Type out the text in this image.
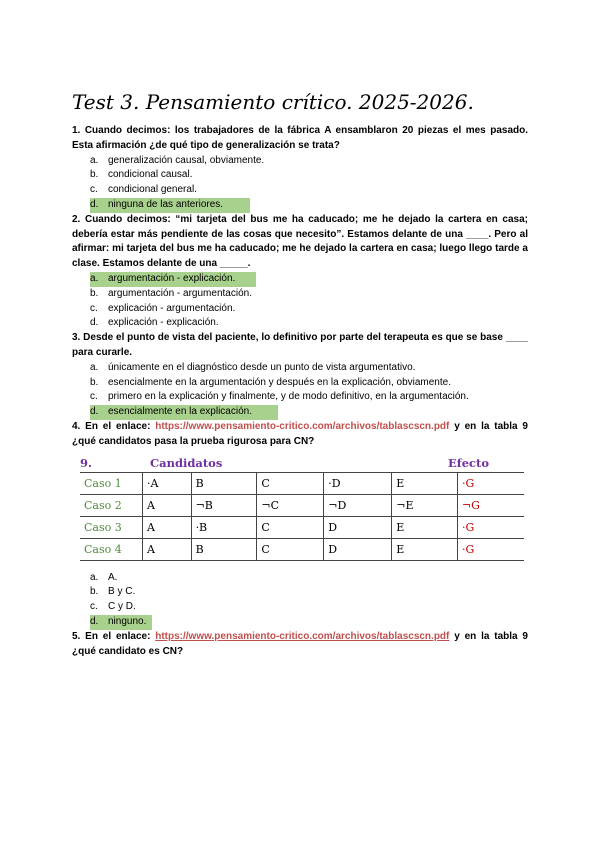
Test 3. Pensamiento crítico. 2025-2026.

1. Cuando decimos: los trabajadores de la fábrica A ensamblaron 20 piezas el mes pasado. Esta afirmación ¿de qué tipo de generalización se trata?

a. generalización causal, obviamente.
b. condicional causal.
c.	condicional general.
d. ninguna de las anteriores.

2. Cuando decimos: “mi tarjeta del bus me ha caducado; me he dejado la cartera en casa; debería estar más pendiente de las cosas que necesito”. Estamos delante de una ____. Pero al afirmar: mi tarjeta del bus me ha caducado; me he dejado la cartera en casa; luego llego tarde a clase. Estamos delante de una _____.

a. argumentación - explicación.
b. argumentación - argumentación.
c.	explicación - argumentación.
d. explicación - explicación.

3. Desde el punto de vista del paciente, lo definitivo por parte del terapeuta es que se base ____ para curarle.

a. únicamente en el diagnóstico desde un punto de vista argumentativo.
b. esencialmente en la argumentación y después en la explicación, obviamente.
c.	primero en la explicación y finalmente, y de modo definitivo, en la argumentación.
d. esencialmente en la explicación.

4. En el enlace: https://www.pensamiento-critico.com/archivos/tablascscn.pdf y en la tabla 9 ¿qué candidatos pasa la prueba rigurosa para CN?

9.	Candidatos	Efecto
Caso 1	·A	B	C	·D	E	·G
Caso 2	A	¬B	¬C	¬D	¬E	¬G
Caso 3	A	·B	C	D	E	·G
Caso 4	A	B	C	D	E	·G
a. A.
b. B y C.
c.	C y D.
d. ninguno.

5. En el enlace: https://www.pensamiento-critico.com/archivos/tablascscn.pdf y en la tabla 9 ¿qué candidato es CN?
